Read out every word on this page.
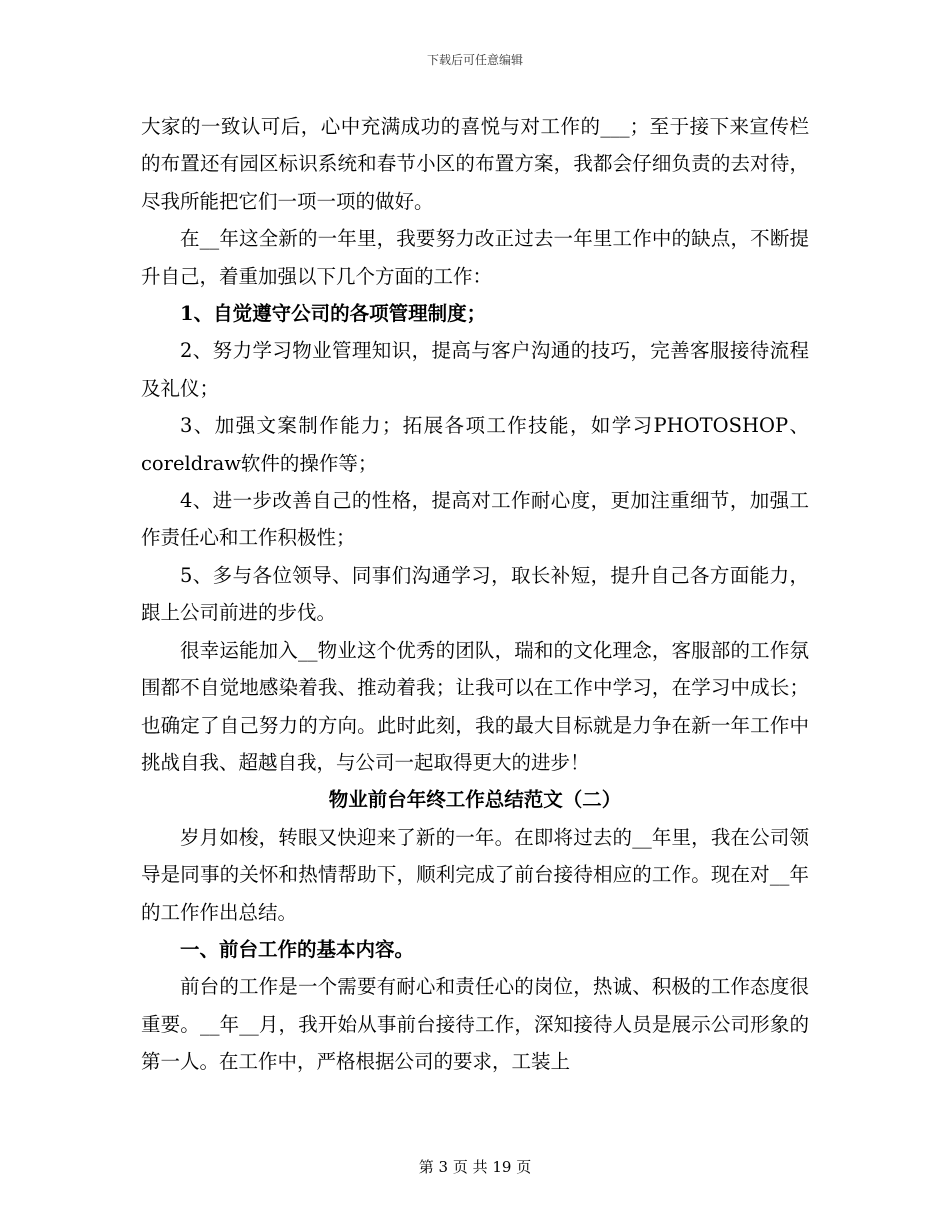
下载后可任意编辑

大家的一致认可后，心中充满成功的喜悦与对工作的___；至于接下来宣传栏的布置还有园区标识系统和春节小区的布置方案，我都会仔细负责的去对待，尽我所能把它们一项一项的做好。

在__年这全新的一年里，我要努力改正过去一年里工作中的缺点，不断提升自己，着重加强以下几个方面的工作：

1、自觉遵守公司的各项管理制度；

2、努力学习物业管理知识，提高与客户沟通的技巧，完善客服接待流程及礼仪；

3、加强文案制作能力；拓展各项工作技能，如学习PHOTOSHOP、coreldraw软件的操作等；

4、进一步改善自己的性格，提高对工作耐心度，更加注重细节，加强工作责任心和工作积极性；

5、多与各位领导、同事们沟通学习，取长补短，提升自己各方面能力，跟上公司前进的步伐。

很幸运能加入__物业这个优秀的团队，瑞和的文化理念，客服部的工作氛围都不自觉地感染着我、推动着我；让我可以在工作中学习，在学习中成长；也确定了自己努力的方向。此时此刻，我的最大目标就是力争在新一年工作中挑战自我、超越自我，与公司一起取得更大的进步！

物业前台年终工作总结范文（二）

岁月如梭，转眼又快迎来了新的一年。在即将过去的__年里，我在公司领导是同事的关怀和热情帮助下，顺利完成了前台接待相应的工作。现在对__年的工作作出总结。

一、前台工作的基本内容。

前台的工作是一个需要有耐心和责任心的岗位，热诚、积极的工作态度很重要。__年__月，我开始从事前台接待工作，深知接待人员是展示公司形象的第一人。在工作中，严格根据公司的要求，工装上

第 3 页 共 19 页
